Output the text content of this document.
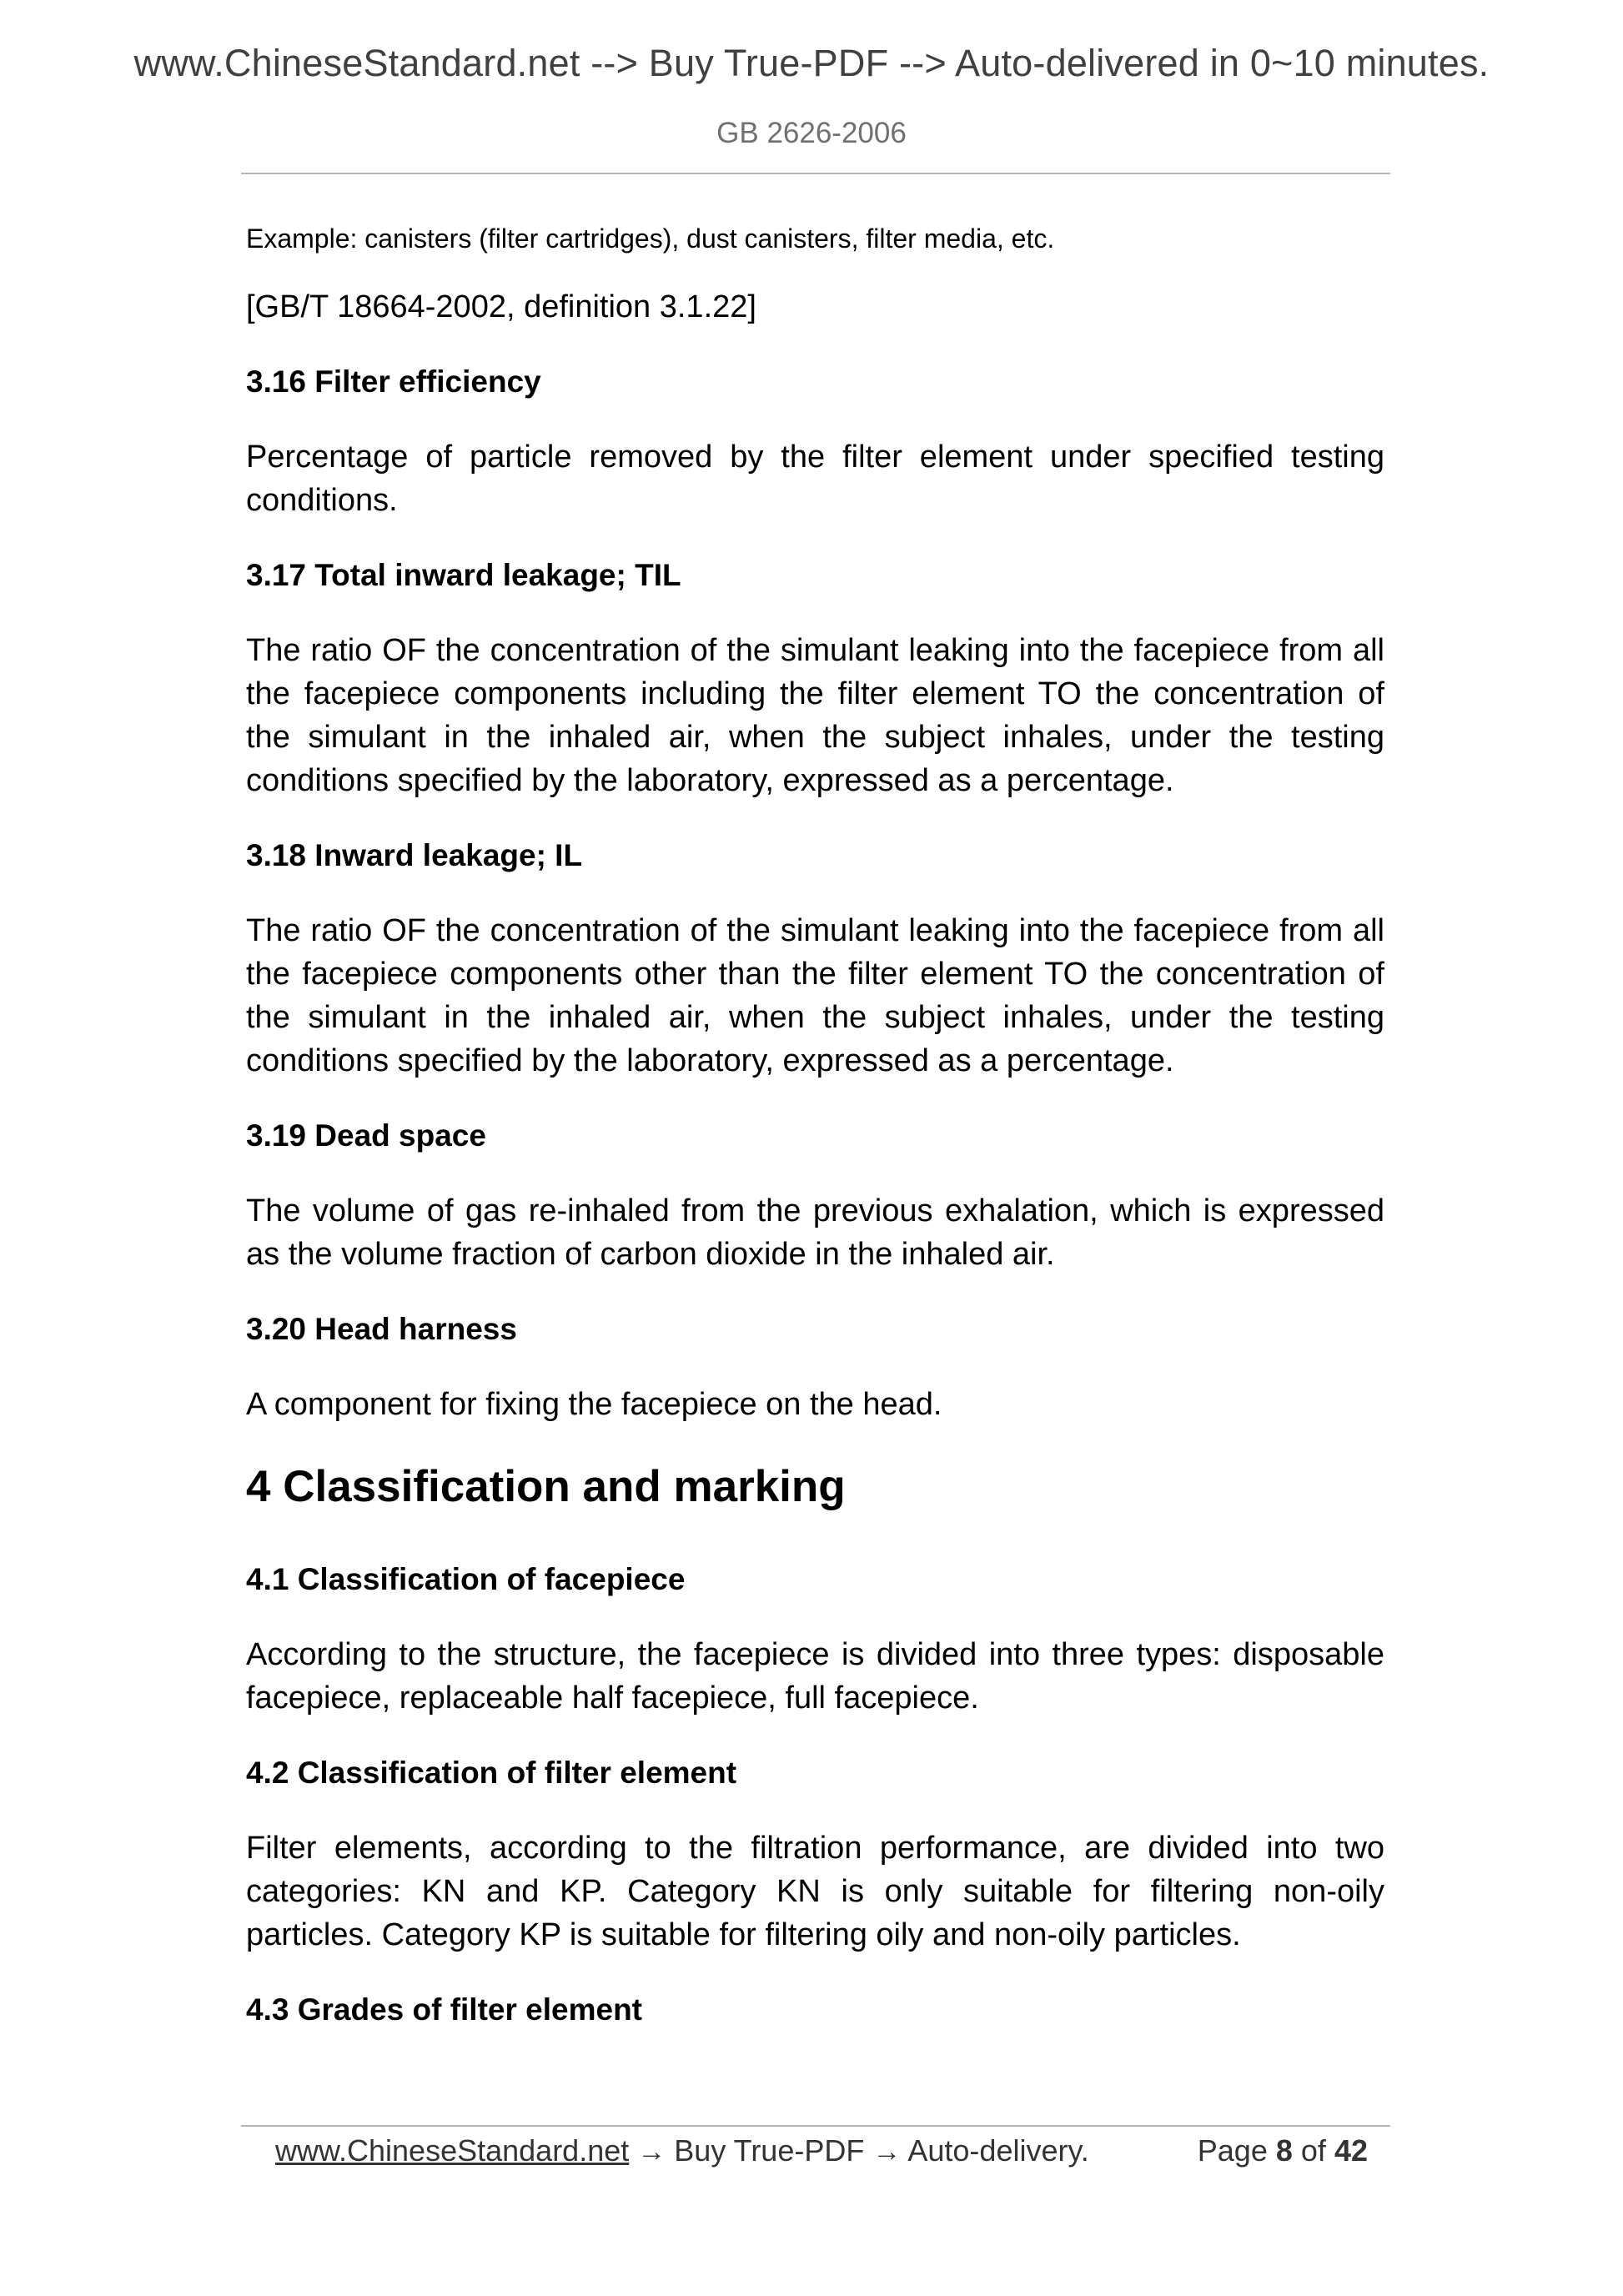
www.ChineseStandard.net --> Buy True-PDF --> Auto-delivered in 0~10 minutes.
GB 2626-2006

Example: canisters (filter cartridges), dust canisters, filter media, etc.

[GB/T 18664-2002, definition 3.1.22]

3.16 Filter efficiency

Percentage of particle removed by the filter element under specified testing conditions.

3.17 Total inward leakage; TIL

The ratio OF the concentration of the simulant leaking into the facepiece from all the facepiece components including the filter element TO the concentration of the simulant in the inhaled air, when the subject inhales, under the testing conditions specified by the laboratory, expressed as a percentage.

3.18 Inward leakage; IL

The ratio OF the concentration of the simulant leaking into the facepiece from all the facepiece components other than the filter element TO the concentration of the simulant in the inhaled air, when the subject inhales, under the testing conditions specified by the laboratory, expressed as a percentage.

3.19 Dead space

The volume of gas re-inhaled from the previous exhalation, which is expressed as the volume fraction of carbon dioxide in the inhaled air.

3.20 Head harness

A component for fixing the facepiece on the head.

4 Classification and marking

4.1 Classification of facepiece

According to the structure, the facepiece is divided into three types: disposable facepiece, replaceable half facepiece, full facepiece.

4.2 Classification of filter element

Filter elements, according to the filtration performance, are divided into two categories: KN and KP. Category KN is only suitable for filtering non-oily particles. Category KP is suitable for filtering oily and non-oily particles.

4.3 Grades of filter element

www.ChineseStandard.net → Buy True-PDF → Auto-delivery.	Page 8 of 42
